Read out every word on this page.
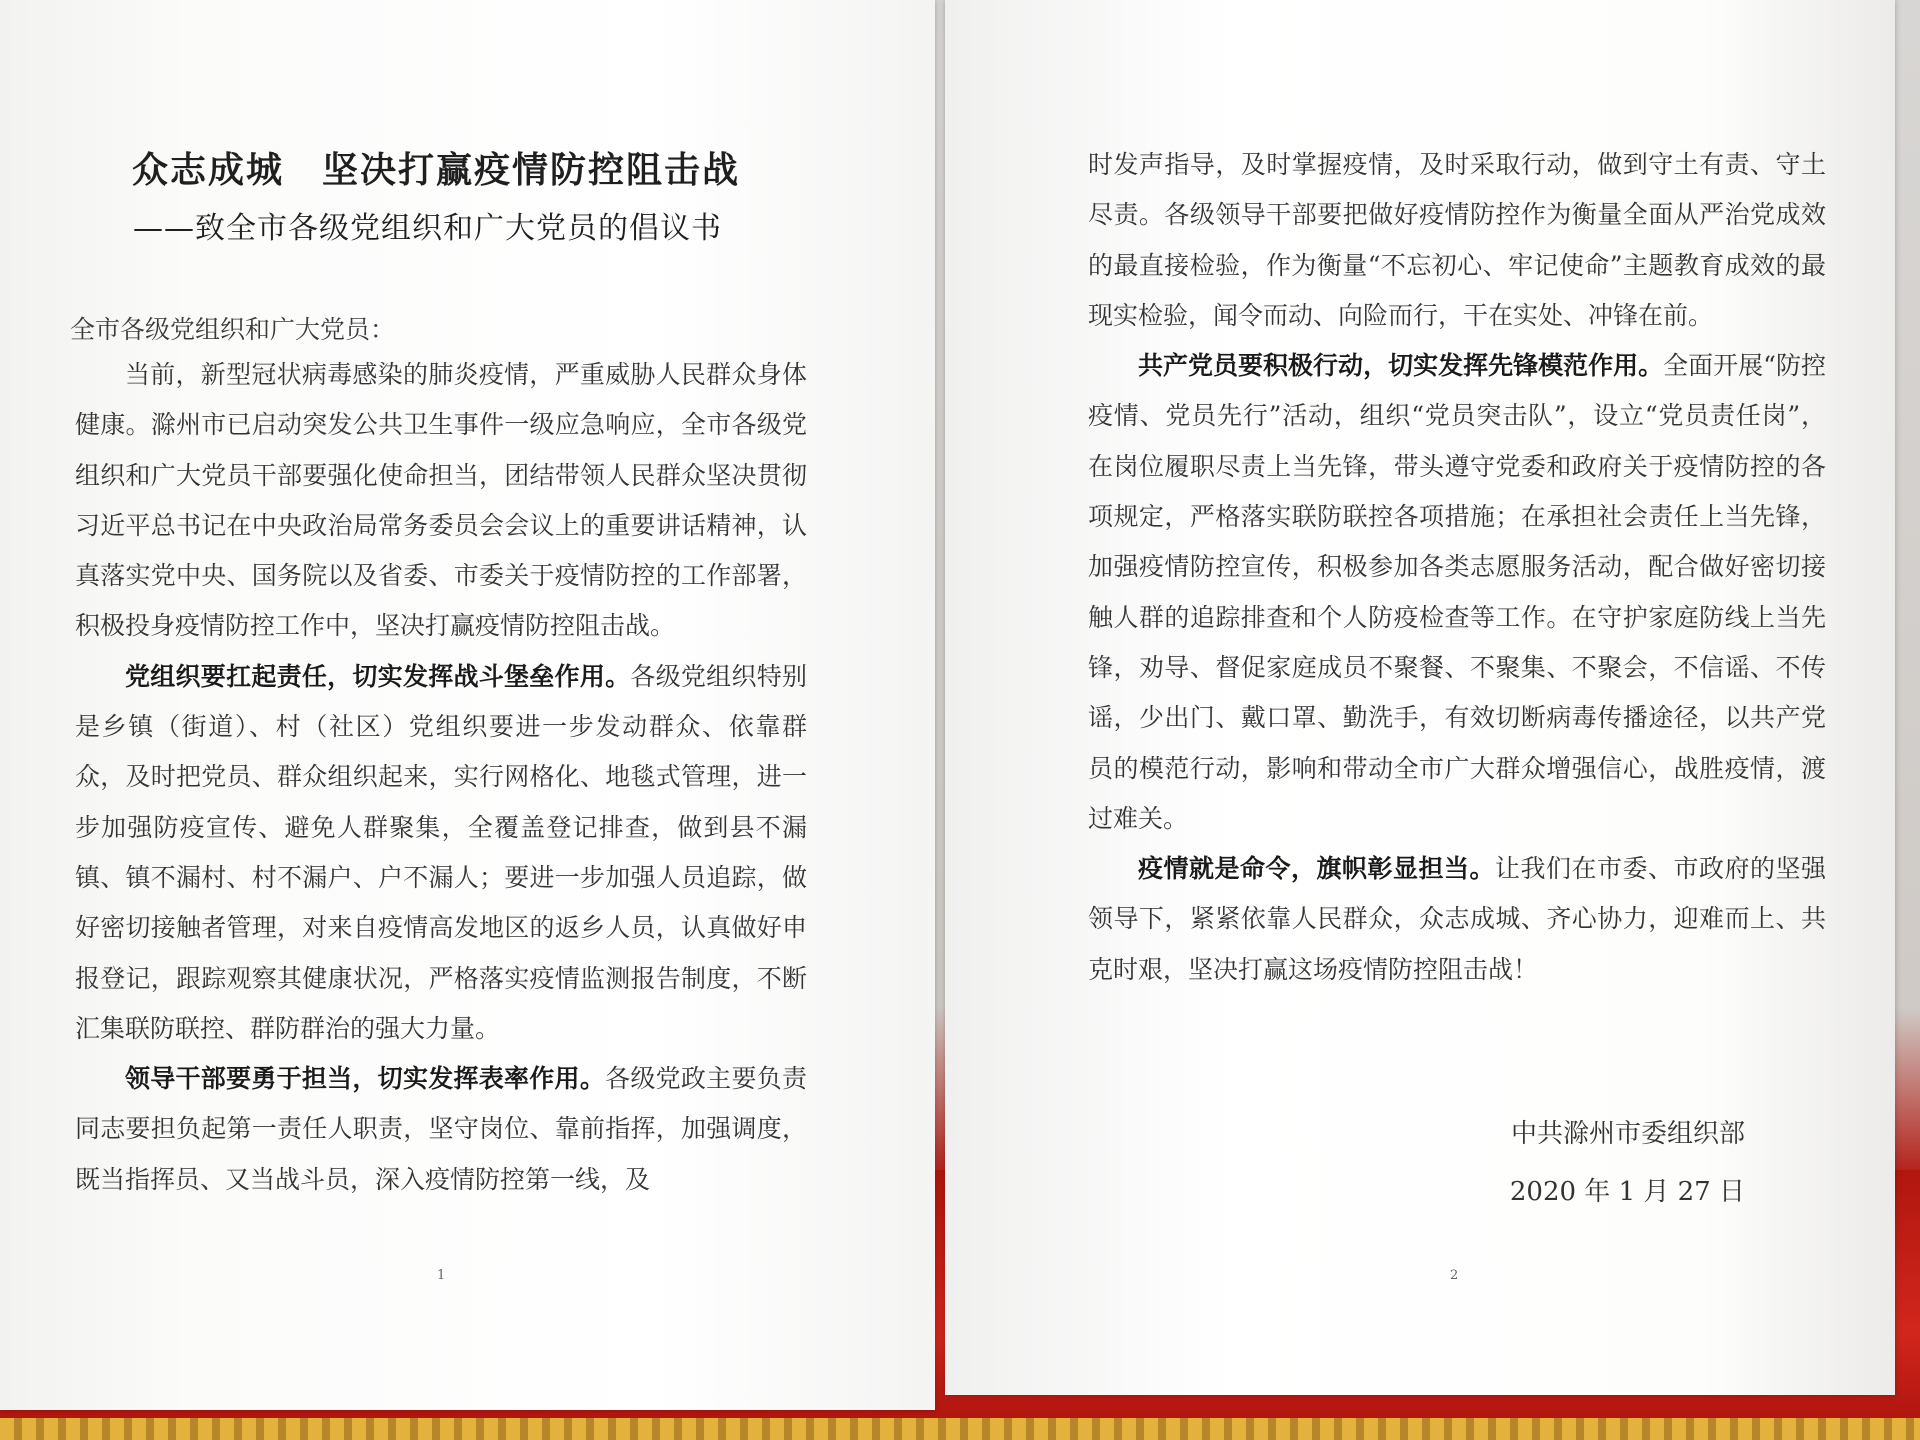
众志成城　坚决打赢疫情防控阻击战
——致全市各级党组织和广大党员的倡议书
全市各级党组织和广大党员：

当前，新型冠状病毒感染的肺炎疫情，严重威胁人民群众身体健康。滁州市已启动突发公共卫生事件一级应急响应，全市各级党组织和广大党员干部要强化使命担当，团结带领人民群众坚决贯彻习近平总书记在中央政治局常务委员会会议上的重要讲话精神，认真落实党中央、国务院以及省委、市委关于疫情防控的工作部署，积极投身疫情防控工作中，坚决打赢疫情防控阻击战。

党组织要扛起责任，切实发挥战斗堡垒作用。各级党组织特别是乡镇（街道）、村（社区）党组织要进一步发动群众、依靠群众，及时把党员、群众组织起来，实行网格化、地毯式管理，进一步加强防疫宣传、避免人群聚集，全覆盖登记排查，做到县不漏镇、镇不漏村、村不漏户、户不漏人；要进一步加强人员追踪，做好密切接触者管理，对来自疫情高发地区的返乡人员，认真做好申报登记，跟踪观察其健康状况，严格落实疫情监测报告制度，不断汇集联防联控、群防群治的强大力量。

领导干部要勇于担当，切实发挥表率作用。各级党政主要负责同志要担负起第一责任人职责，坚守岗位、靠前指挥，加强调度，既当指挥员、又当战斗员，深入疫情防控第一线，及

1

时发声指导，及时掌握疫情，及时采取行动，做到守土有责、守土尽责。各级领导干部要把做好疫情防控作为衡量全面从严治党成效的最直接检验，作为衡量“不忘初心、牢记使命”主题教育成效的最现实检验，闻令而动、向险而行，干在实处、冲锋在前。

共产党员要积极行动，切实发挥先锋模范作用。全面开展“防控疫情、党员先行”活动，组织“党员突击队”，设立“党员责任岗”，在岗位履职尽责上当先锋，带头遵守党委和政府关于疫情防控的各项规定，严格落实联防联控各项措施；在承担社会责任上当先锋，加强疫情防控宣传，积极参加各类志愿服务活动，配合做好密切接触人群的追踪排查和个人防疫检查等工作。在守护家庭防线上当先锋，劝导、督促家庭成员不聚餐、不聚集、不聚会，不信谣、不传谣，少出门、戴口罩、勤洗手，有效切断病毒传播途径，以共产党员的模范行动，影响和带动全市广大群众增强信心，战胜疫情，渡过难关。

疫情就是命令，旗帜彰显担当。让我们在市委、市政府的坚强领导下，紧紧依靠人民群众，众志成城、齐心协力，迎难而上、共克时艰，坚决打赢这场疫情防控阻击战！

中共滁州市委组织部
2020 年 1 月 27 日
2
